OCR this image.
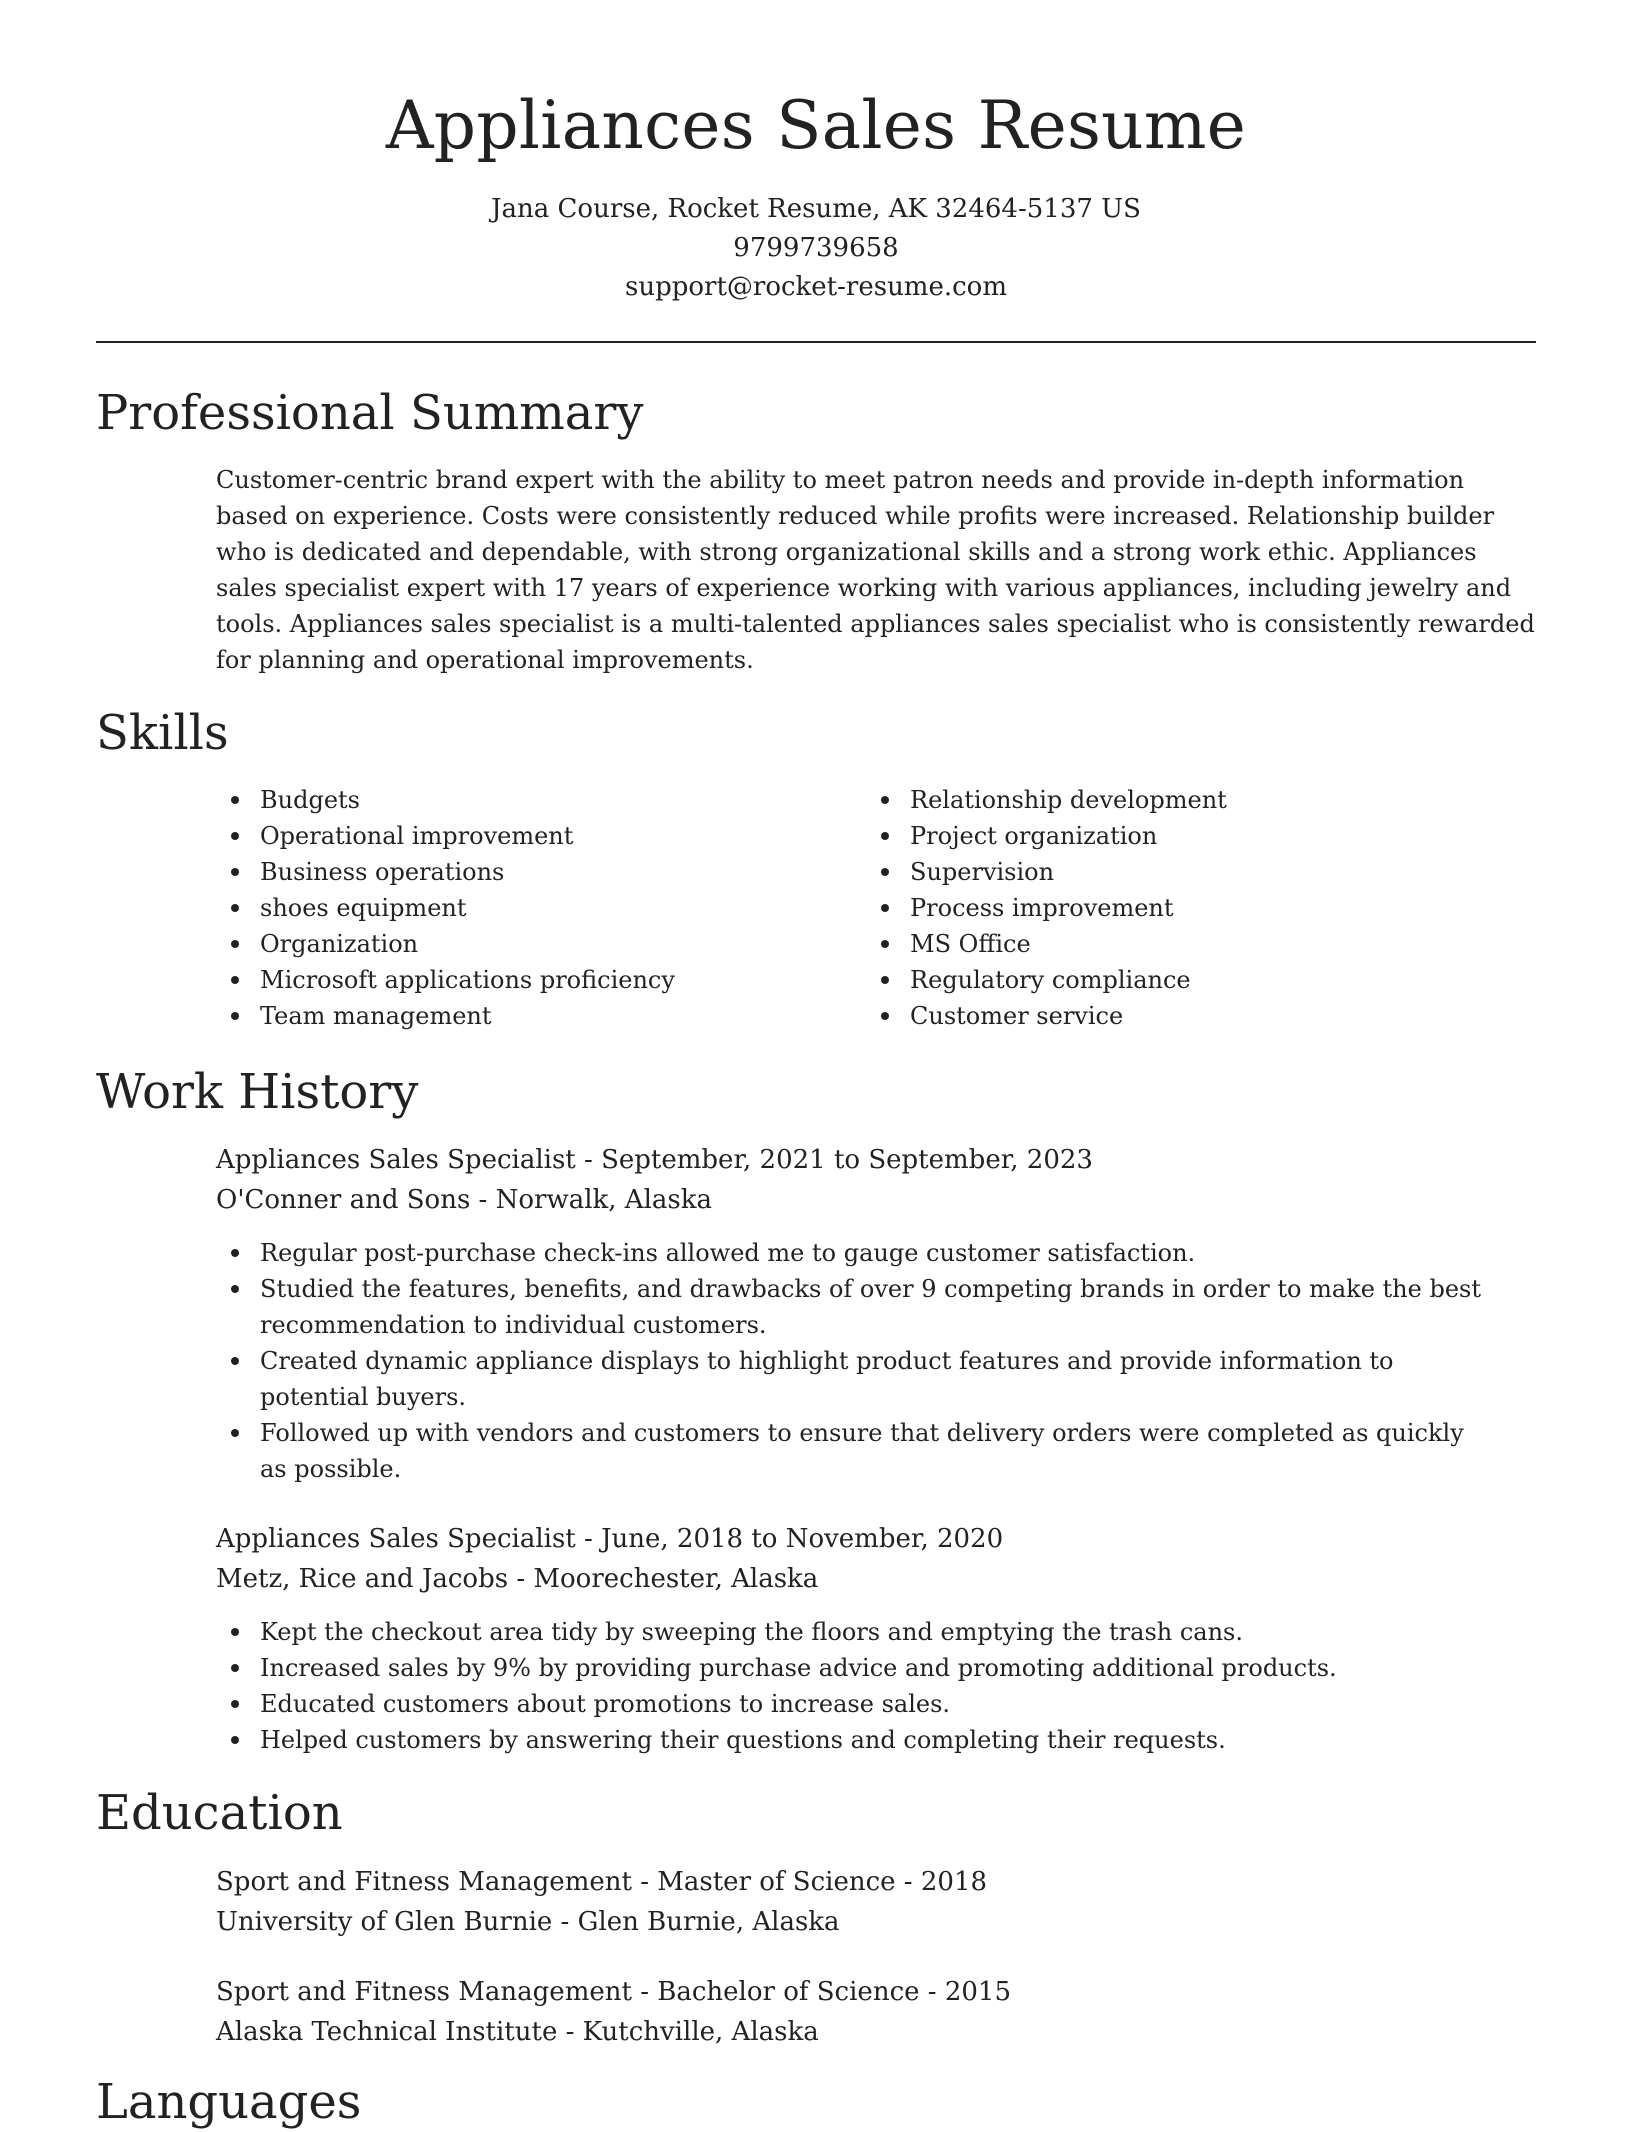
Appliances Sales Resume
Jana Course, Rocket Resume, AK 32464-5137 US
9799739658
support@rocket-resume.com
Professional Summary

Customer-centric brand expert with the ability to meet patron needs and provide in-depth information based on experience. Costs were consistently reduced while profits were increased. Relationship builder who is dedicated and dependable, with strong organizational skills and a strong work ethic. Appliances sales specialist expert with 17 years of experience working with various appliances, including jewelry and tools. Appliances sales specialist is a multi-talented appliances sales specialist who is consistently rewarded for planning and operational improvements.

Skills
Budgets
Operational improvement
Business operations
shoes equipment
Organization
Microsoft applications proficiency
Team management
Relationship development
Project organization
Supervision
Process improvement
MS Office
Regulatory compliance
Customer service
Work History
Appliances Sales Specialist - September, 2021 to September, 2023
O'Conner and Sons - Norwalk, Alaska
Regular post-purchase check-ins allowed me to gauge customer satisfaction.
Studied the features, benefits, and drawbacks of over 9 competing brands in order to make the best recommendation to individual customers.
Created dynamic appliance displays to highlight product features and provide information to potential buyers.
Followed up with vendors and customers to ensure that delivery orders were completed as quickly as possible.
Appliances Sales Specialist - June, 2018 to November, 2020
Metz, Rice and Jacobs - Moorechester, Alaska
Kept the checkout area tidy by sweeping the floors and emptying the trash cans.
Increased sales by 9% by providing purchase advice and promoting additional products.
Educated customers about promotions to increase sales.
Helped customers by answering their questions and completing their requests.
Education
Sport and Fitness Management - Master of Science - 2018
University of Glen Burnie - Glen Burnie, Alaska
Sport and Fitness Management - Bachelor of Science - 2015
Alaska Technical Institute - Kutchville, Alaska
Languages
